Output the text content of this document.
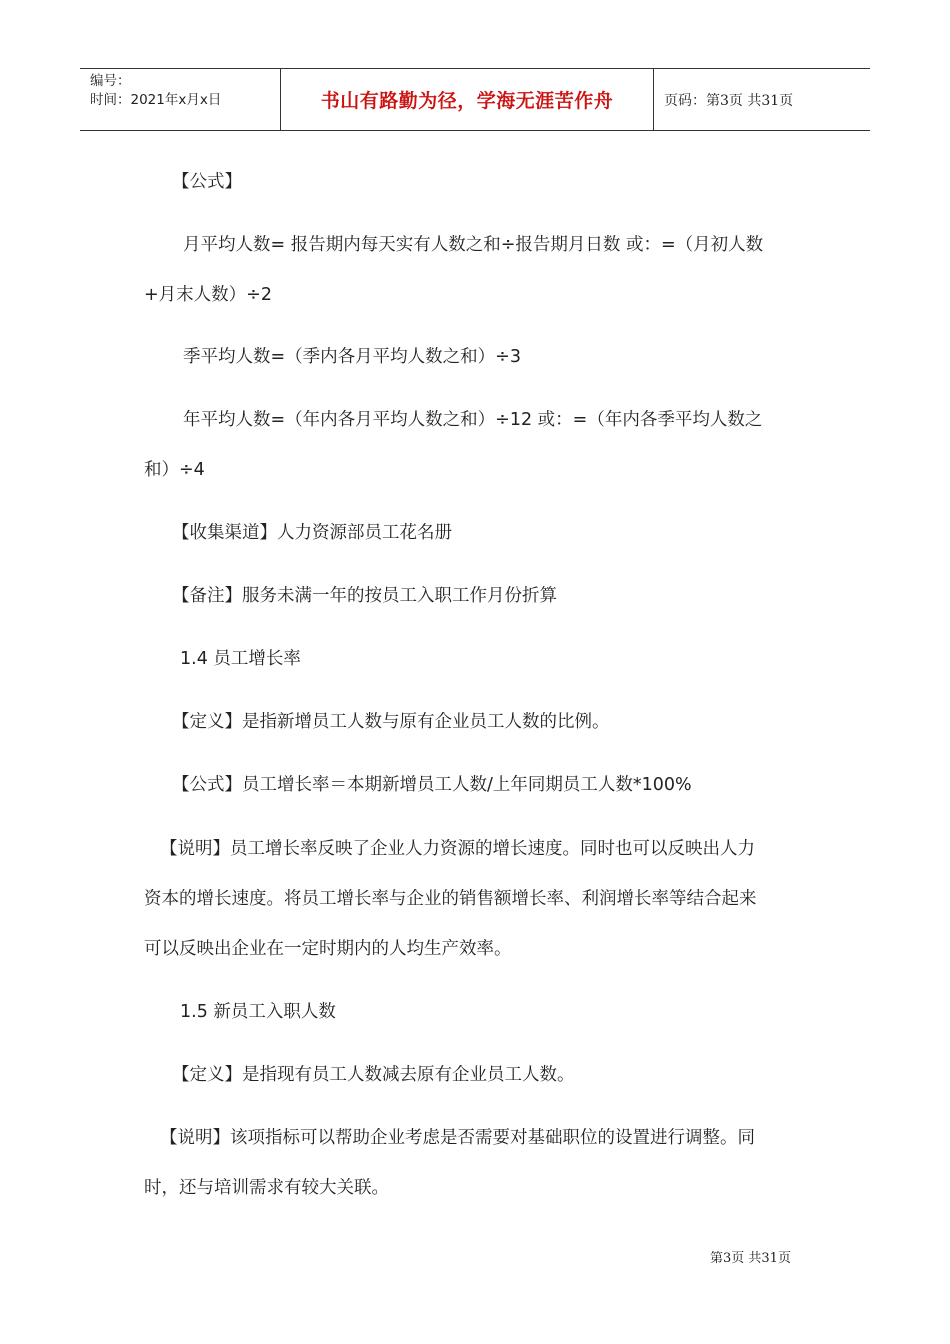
编号：
时间：2021年x月x日	书山有路勤为径，学海无涯苦作舟	页码：第3页 共31页
【公式】
月平均人数= 报告期内每天实有人数之和÷报告期月日数 或：=（月初人数
+月末人数）÷2
季平均人数=（季内各月平均人数之和）÷3
年平均人数=（年内各月平均人数之和）÷12 或：=（年内各季平均人数之
和）÷4
【收集渠道】人力资源部员工花名册
【备注】服务未满一年的按员工入职工作月份折算
1.4 员工增长率
【定义】是指新增员工人数与原有企业员工人数的比例。
【公式】员工增长率＝本期新增员工人数/上年同期员工人数*100%
【说明】员工增长率反映了企业人力资源的增长速度。同时也可以反映出人力
资本的增长速度。将员工增长率与企业的销售额增长率、利润增长率等结合起来
可以反映出企业在一定时期内的人均生产效率。
1.5 新员工入职人数
【定义】是指现有员工人数减去原有企业员工人数。
【说明】该项指标可以帮助企业考虑是否需要对基础职位的设置进行调整。同
时，还与培训需求有较大关联。
第3页 共31页
